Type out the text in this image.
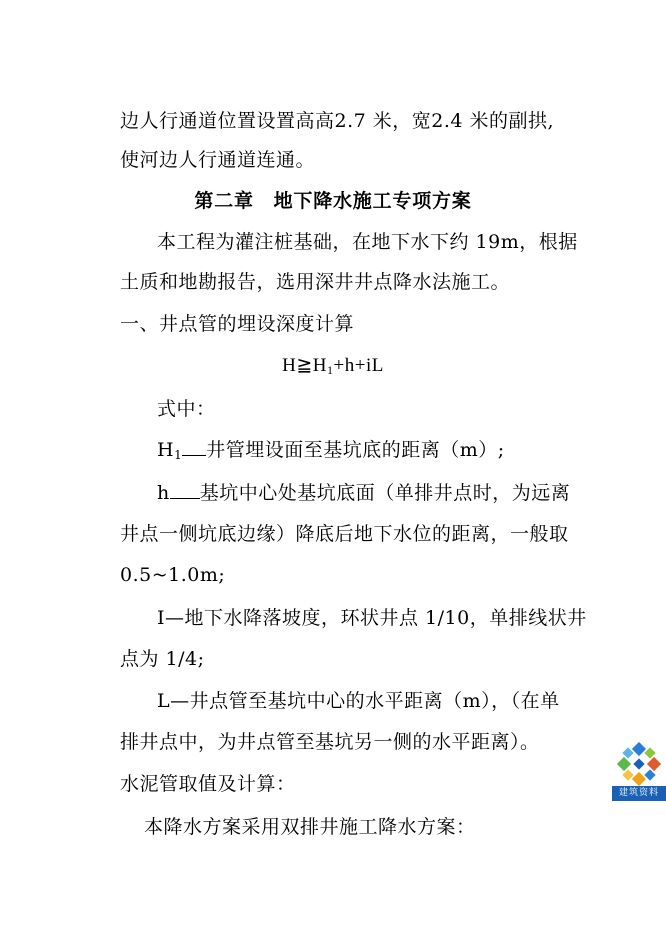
边人行通道位置设置高高2.7 米，宽2.4 米的副拱,
使河边人行通道连通。
第二章　地下降水施工专项方案
本工程为灌注桩基础，在地下水下约 19m，根据
土质和地勘报告，选用深井井点降水法施工。
一、井点管的埋设深度计算
$H≧H_1+h+iL$
式中：
$H_1$ 井管埋设面至基坑底的距离（m）;
h 基坑中心处基坑底面（单排井点时，为远离
井点一侧坑底边缘）降底后地下水位的距离，一般取
0.5~1.0m;
I—地下水降落坡度，环状井点 1/10，单排线状井
点为 1/4;
L—井点管至基坑中心的水平距离（m），（在单
排井点中，为井点管至基坑另一侧的水平距离）。
水泥管取值及计算：
本降水方案采用双排井施工降水方案：
建筑资料
